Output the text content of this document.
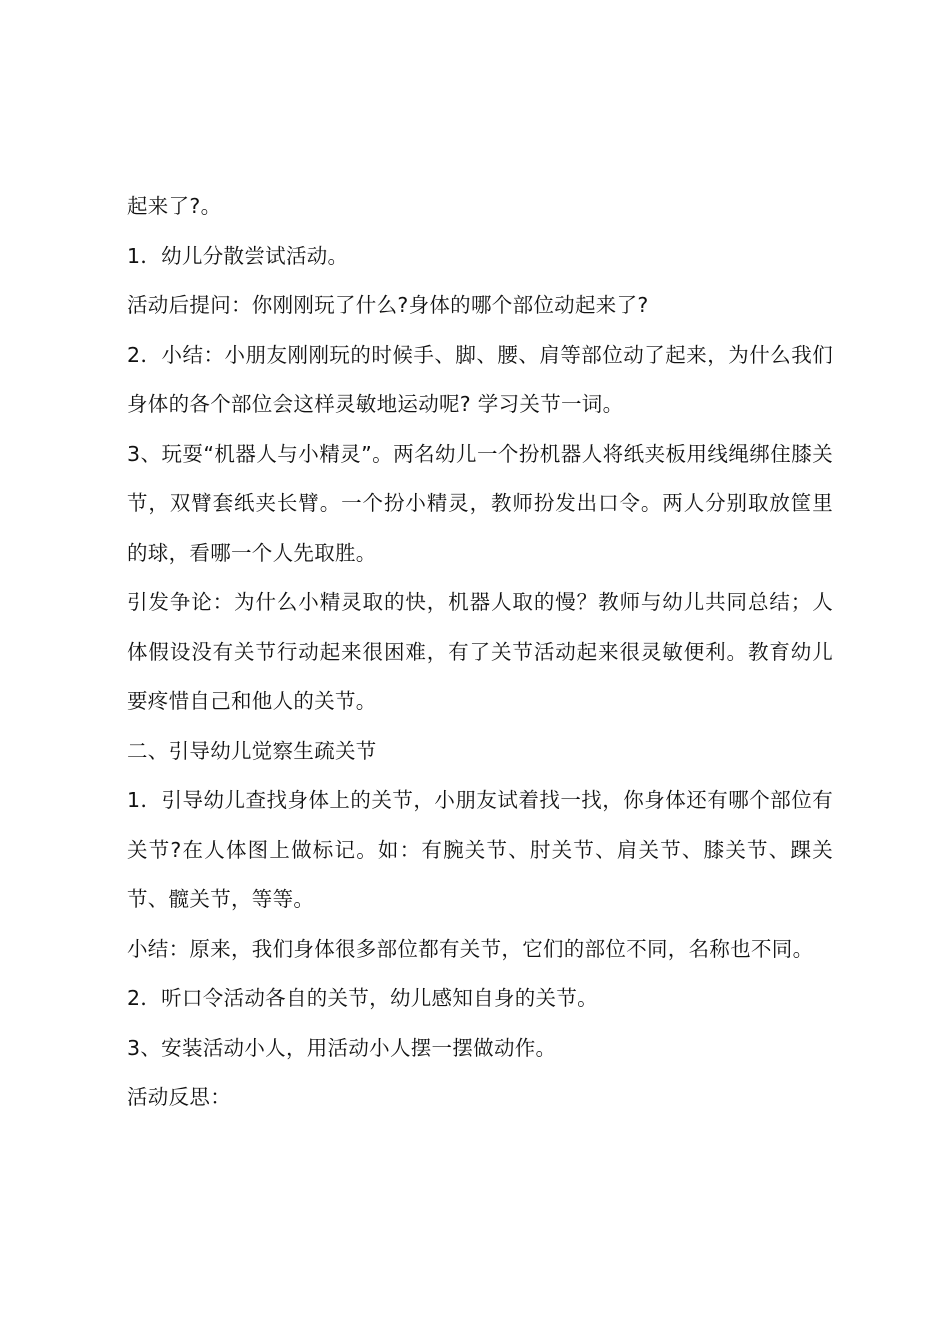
起来了?。

1．幼儿分散尝试活动。

活动后提问：你刚刚玩了什么?身体的哪个部位动起来了?

2．小结：小朋友刚刚玩的时候手、脚、腰、肩等部位动了起来，为什么我们身体的各个部位会这样灵敏地运动呢? 学习关节一词。

3、玩耍“机器人与小精灵”。两名幼儿一个扮机器人将纸夹板用线绳绑住膝关节，双臂套纸夹长臂。一个扮小精灵，教师扮发出口令。两人分别取放筐里的球，看哪一个人先取胜。

引发争论：为什么小精灵取的快，机器人取的慢？教师与幼儿共同总结；人体假设没有关节行动起来很困难，有了关节活动起来很灵敏便利。教育幼儿要疼惜自己和他人的关节。

二、引导幼儿觉察生疏关节

1．引导幼儿查找身体上的关节，小朋友试着找一找，你身体还有哪个部位有关节?在人体图上做标记。如：有腕关节、肘关节、肩关节、膝关节、踝关节、髋关节，等等。

小结：原来，我们身体很多部位都有关节，它们的部位不同，名称也不同。

2．听口令活动各自的关节，幼儿感知自身的关节。

3、安装活动小人，用活动小人摆一摆做动作。

活动反思：
